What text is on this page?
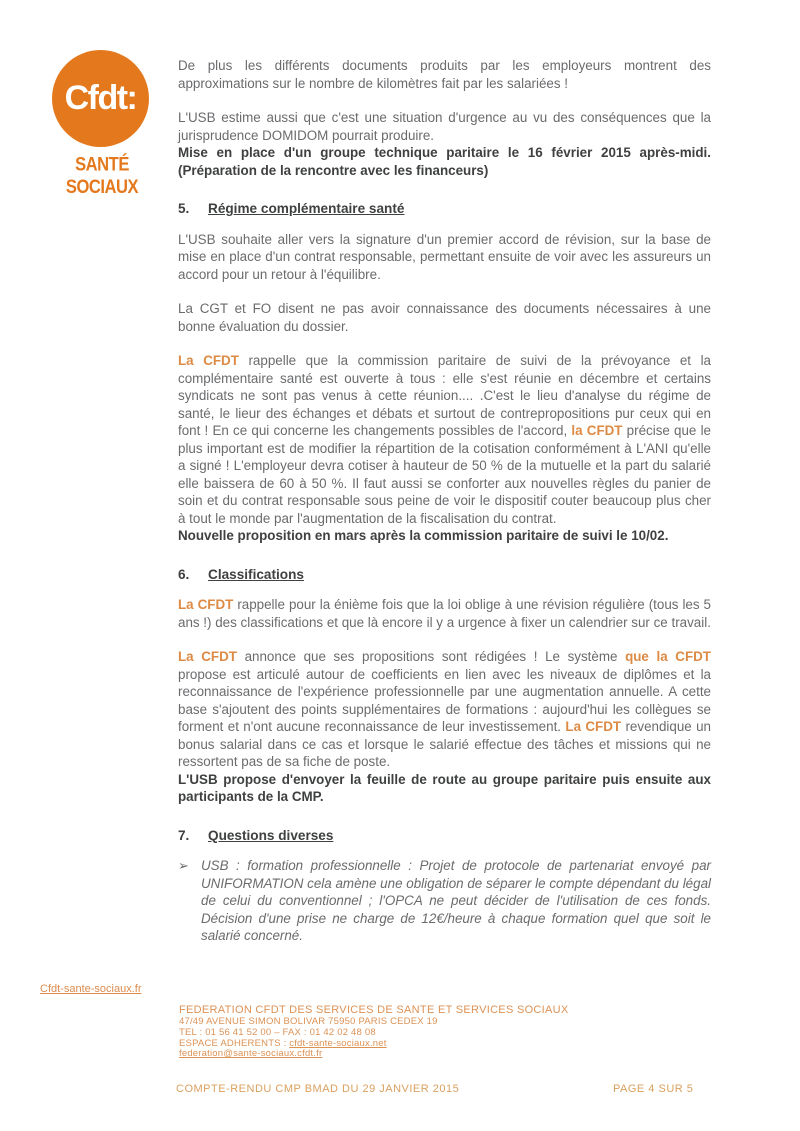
Cfdt:
SANTÉ
SOCIAUX

De plus les différents documents produits par les employeurs montrent des approximations sur le nombre de kilomètres fait par les salariées !

L'USB estime aussi que c'est une situation d'urgence au vu des conséquences que la jurisprudence DOMIDOM pourrait produire.

Mise en place d'un groupe technique paritaire le 16 février 2015 après-midi. (Préparation de la rencontre avec les financeurs)

5. Régime complémentaire santé

L'USB souhaite aller vers la signature d'un premier accord de révision, sur la base de mise en place d'un contrat responsable, permettant ensuite de voir avec les assureurs un accord pour un retour à l'équilibre.

La CGT et FO disent ne pas avoir connaissance des documents nécessaires à une bonne évaluation du dossier.

La CFDT rappelle que la commission paritaire de suivi de la prévoyance et la complémentaire santé est ouverte à tous : elle s'est réunie en décembre et certains syndicats ne sont pas venus à cette réunion.... .C'est le lieu d'analyse du régime de santé, le lieur des échanges et débats et surtout de contrepropositions pur ceux qui en font ! En ce qui concerne les changements possibles de l'accord, la CFDT précise que le plus important est de modifier la répartition de la cotisation conformément à L'ANI qu'elle a signé ! L'employeur devra cotiser à hauteur de 50 % de la mutuelle et la part du salarié elle baissera de 60 à 50 %. Il faut aussi se conforter aux nouvelles règles du panier de soin et du contrat responsable sous peine de voir le dispositif couter beaucoup plus cher à tout le monde par l'augmentation de la fiscalisation du contrat.

Nouvelle proposition en mars après la commission paritaire de suivi le 10/02.

6. Classifications

La CFDT rappelle pour la énième fois que la loi oblige à une révision régulière (tous les 5 ans !) des classifications et que là encore il y a urgence à fixer un calendrier sur ce travail.

La CFDT annonce que ses propositions sont rédigées ! Le système que la CFDT propose est articulé autour de coefficients en lien avec les niveaux de diplômes et la reconnaissance de l'expérience professionnelle par une augmentation annuelle. A cette base s'ajoutent des points supplémentaires de formations : aujourd'hui les collègues se forment et n'ont aucune reconnaissance de leur investissement. La CFDT revendique un bonus salarial dans ce cas et lorsque le salarié effectue des tâches et missions qui ne ressortent pas de sa fiche de poste.

L'USB propose d'envoyer la feuille de route au groupe paritaire puis ensuite aux participants de la CMP.

7. Questions diverses
➢ USB : formation professionnelle : Projet de protocole de partenariat envoyé par UNIFORMATION cela amène une obligation de séparer le compte dépendant du légal de celui du conventionnel ; l'OPCA ne peut décider de l'utilisation de ces fonds. Décision d'une prise ne charge de 12€/heure à chaque formation quel que soit le salarié concerné.

Cfdt-sante-sociaux.fr
FEDERATION CFDT DES SERVICES DE SANTE ET SERVICES SOCIAUX
47/49 AVENUE SIMON BOLIVAR 75950 PARIS CEDEX 19
TEL : 01 56 41 52 00 – FAX : 01 42 02 48 08
ESPACE ADHERENTS : cfdt-sante-sociaux.net
federation@sante-sociaux.cfdt.fr
COMPTE-RENDU CMP BMAD DU 29 JANVIER 2015	PAGE 4 SUR 5
